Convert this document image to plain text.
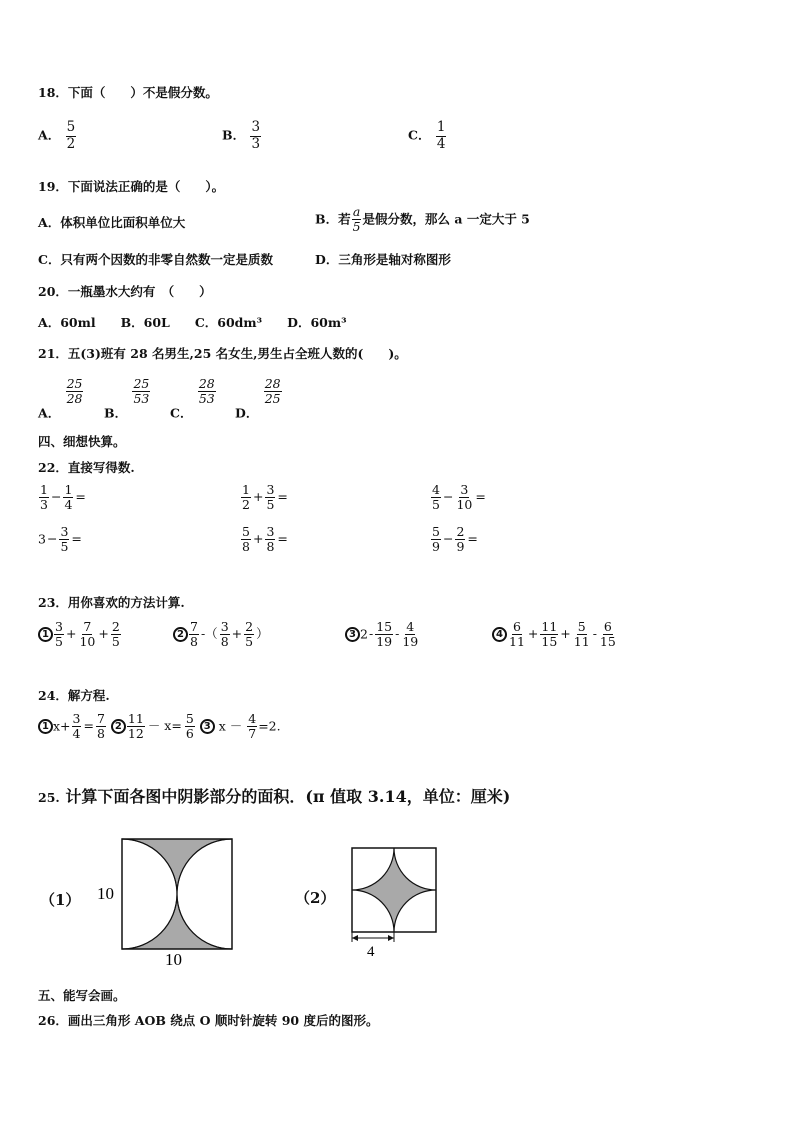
18．下面（　　）不是假分数。
A． $\frac{5}{2}$	B． $\frac{3}{3}$	C． $\frac{1}{4}$
19．下面说法正确的是（　　）。
A．体积单位比面积单位大	B．若 $\frac{a}{5}$ 是假分数，那么 a 一定大于 5
C．只有两个因数的非零自然数一定是质数	D．三角形是轴对称图形
20．一瓶墨水大约有　（　　）
A．60ml　　B．60L　　C．60dm³　　D．60m³
21．五(3)班有 28 名男生,25 名女生,男生占全班人数的(　　)。
A．
$\frac{25}{28}$
B．
$\frac{25}{53}$
C．
$\frac{28}{53}$
D．
$\frac{28}{25}$
四、细想快算。
22．直接写得数.
$\frac{1}{3} - \frac{1}{4}$ =	$\frac{1}{2} + \frac{3}{5}$ =	$\frac{4}{5} - \frac{3}{10}$ =
$3- \frac{3}{5}$ =	$\frac{5}{8} + \frac{3}{8}$ =	$\frac{5}{9} - \frac{2}{9}$ =
23．用你喜欢的方法计算.
$1 \frac{3}{5} + \frac{7}{10} + \frac{2}{5}$	$2 \frac{7}{8}$ -（ $\frac{3}{8} + \frac{2}{5}$ ）	3 $2- \frac{15}{19} - \frac{4}{19}$	$4 \frac{6}{11} + \frac{11}{15} + \frac{5}{11} - \frac{6}{15}$
24．解方程.
1 $x+ \frac{3}{4} = \frac{7}{8} 2 \frac{11}{12} - x= \frac{5}{6} 3$ $x - \frac{4}{7} =2$.
25. 计算下面各图中阴影部分的面积．(π 值取 3.14，单位：厘米)
（1） 10
10
（2）
4
五、能写会画。
26．画出三角形 AOB 绕点 O 顺时针旋转 90 度后的图形。
